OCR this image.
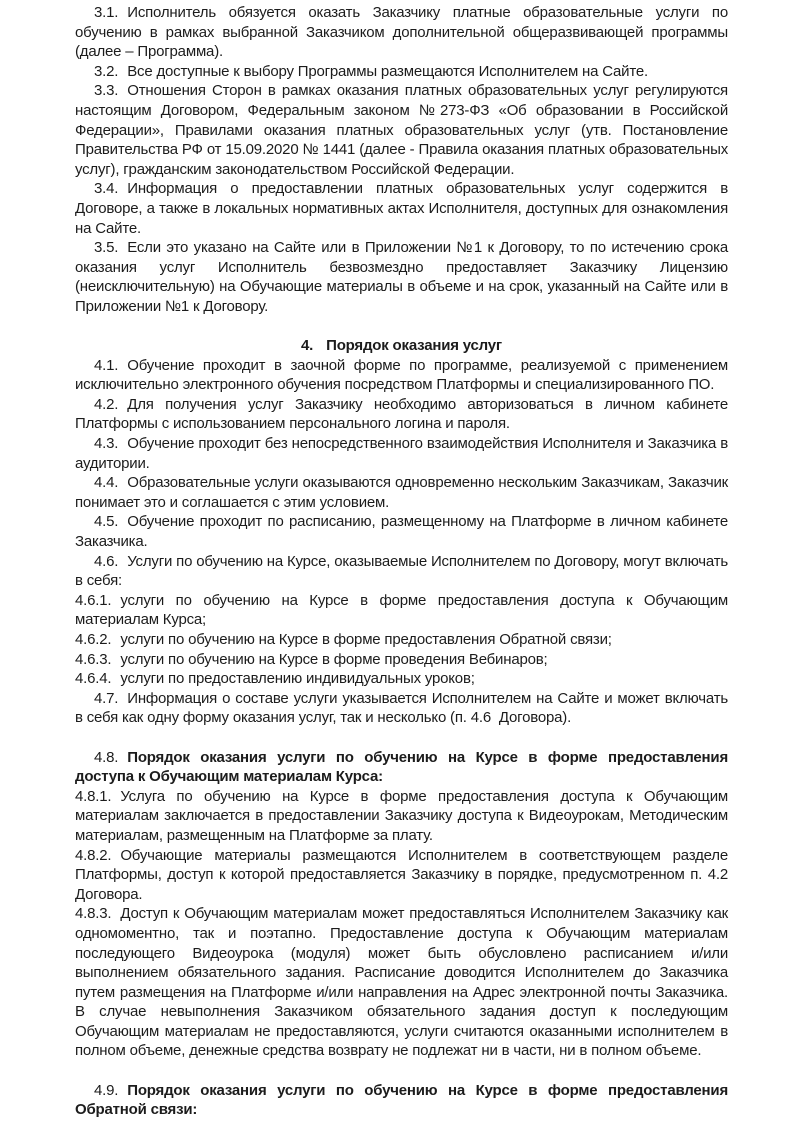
3.1. Исполнитель обязуется оказать Заказчику платные образовательные услуги по обучению в рамках выбранной Заказчиком дополнительной общеразвивающей программы (далее – Программа).

3.2. Все доступные к выбору Программы размещаются Исполнителем на Сайте.

3.3. Отношения Сторон в рамках оказания платных образовательных услуг регулируются настоящим Договором, Федеральным законом №273-ФЗ «Об образовании в Российской Федерации», Правилами оказания платных образовательных услуг (утв. Постановление Правительства РФ от 15.09.2020 № 1441 (далее - Правила оказания платных образовательных услуг), гражданским законодательством Российской Федерации.

3.4. Информация о предоставлении платных образовательных услуг содержится в Договоре, а также в локальных нормативных актах Исполнителя, доступных для ознакомления на Сайте.

3.5. Если это указано на Сайте или в Приложении №1 к Договору, то по истечению срока оказания услуг Исполнитель безвозмездно предоставляет Заказчику Лицензию (неисключительную) на Обучающие материалы в объеме и на срок, указанный на Сайте или в Приложении №1 к Договору.

4. Порядок оказания услуг

4.1. Обучение проходит в заочной форме по программе, реализуемой с применением исключительно электронного обучения посредством Платформы и специализированного ПО.

4.2. Для получения услуг Заказчику необходимо авторизоваться в личном кабинете Платформы с использованием персонального логина и пароля.

4.3. Обучение проходит без непосредственного взаимодействия Исполнителя и Заказчика в аудитории.

4.4. Образовательные услуги оказываются одновременно нескольким Заказчикам, Заказчик понимает это и соглашается с этим условием.

4.5. Обучение проходит по расписанию, размещенному на Платформе в личном кабинете Заказчика.

4.6. Услуги по обучению на Курсе, оказываемые Исполнителем по Договору, могут включать в себя:

4.6.1. услуги по обучению на Курсе в форме предоставления доступа к Обучающим материалам Курса;

4.6.2. услуги по обучению на Курсе в форме предоставления Обратной связи;

4.6.3. услуги по обучению на Курсе в форме проведения Вебинаров;

4.6.4. услуги по предоставлению индивидуальных уроков;

4.7. Информация о составе услуги указывается Исполнителем на Сайте и может включать в себя как одну форму оказания услуг, так и несколько (п. 4.6  Договора).

4.8. Порядок оказания услуги по обучению на Курсе в форме предоставления доступа к Обучающим материалам Курса:

4.8.1. Услуга по обучению на Курсе в форме предоставления доступа к Обучающим материалам заключается в предоставлении Заказчику доступа к Видеоурокам, Методическим материалам, размещенным на Платформе за плату.

4.8.2. Обучающие материалы размещаются Исполнителем в соответствующем разделе Платформы, доступ к которой предоставляется Заказчику в порядке, предусмотренном п. 4.2 Договора.

4.8.3. Доступ к Обучающим материалам может предоставляться Исполнителем Заказчику как одномоментно, так и поэтапно. Предоставление доступа к Обучающим материалам последующего Видеоурока (модуля) может быть обусловлено расписанием и/или выполнением обязательного задания. Расписание доводится Исполнителем до Заказчика путем размещения на Платформе и/или направления на Адрес электронной почты Заказчика. В случае невыполнения Заказчиком обязательного задания доступ к последующим Обучающим материалам не предоставляются, услуги считаются оказанными исполнителем в полном объеме, денежные средства возврату не подлежат ни в части, ни в полном объеме.

4.9. Порядок оказания услуги по обучению на Курсе в форме предоставления Обратной связи:
